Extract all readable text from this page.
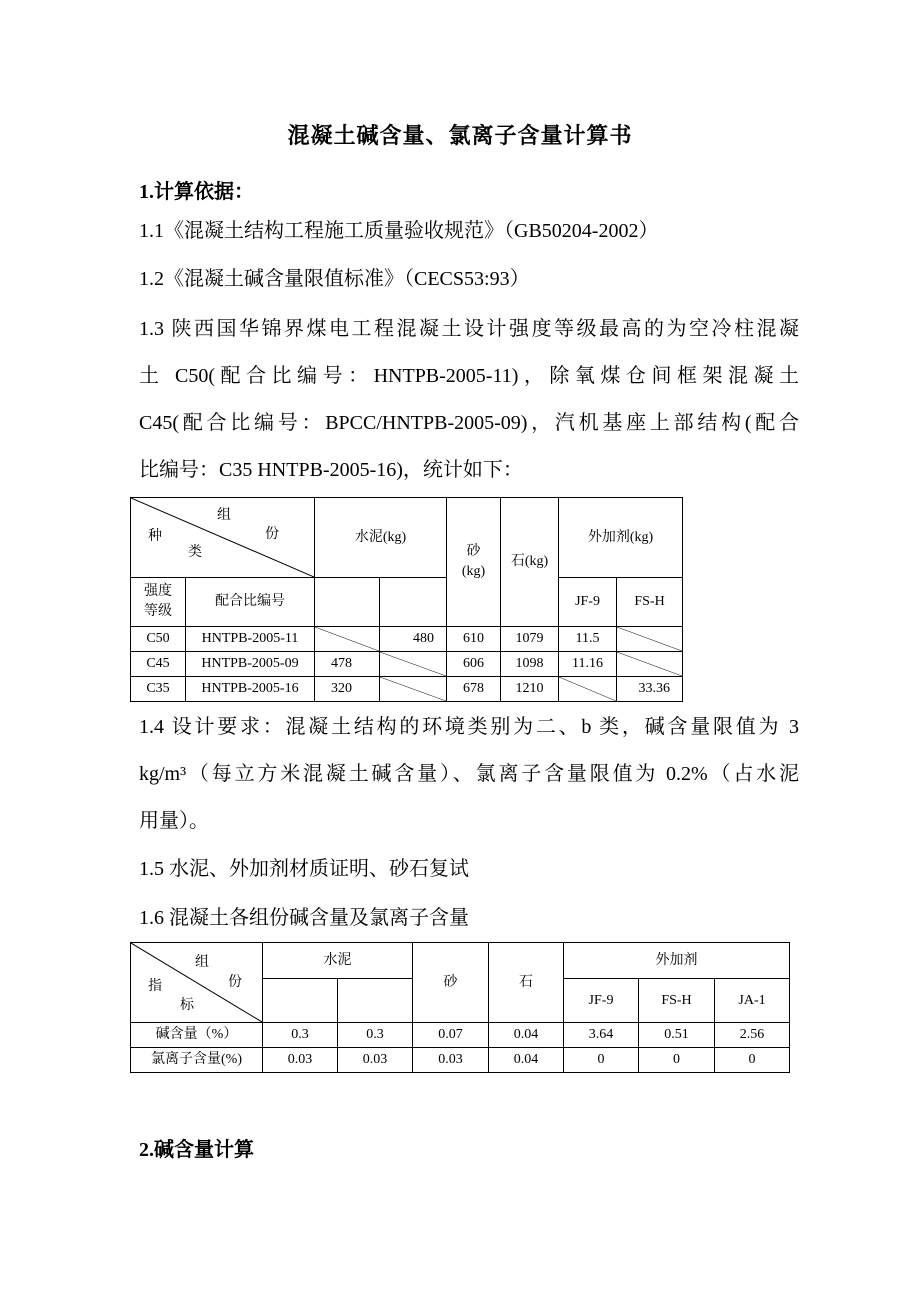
混凝土碱含量、氯离子含量计算书
1.计算依据：
1.1《混凝土结构工程施工质量验收规范》（GB50204-2002）
1.2《混凝土碱含量限值标准》（CECS53:93）
1.3 陕西国华锦界煤电工程混凝土设计强度等级最高的为空冷柱混凝
土 C50(配合比编号：HNTPB-2005-11)，除氧煤仓间框架混凝土
C45(配合比编号：BPCC/HNTPB-2005-09)，汽机基座上部结构(配合
比编号：C35 HNTPB-2005-16)，统计如下：
组
份
种
类		水泥(kg)		砂
(kg)	石(kg)	外加剂(kg)	
强度
等级	配合比编号					JF-9	FS-H
C50	HNTPB-2005-11		480	610	1079	11.5	

C45	HNTPB-2005-09	478		606	1098	11.16	

C35	HNTPB-2005-16	320		678	1210		33.36
1.4 设计要求：混凝土结构的环境类别为二、b 类，碱含量限值为 3
kg/m³（每立方米混凝土碱含量）、氯离子含量限值为 0.2%（占水泥
用量）。
1.5 水泥、外加剂材质证明、砂石复试
1.6 混凝土各组份碱含量及氯离子含量
组
份
指
标	水泥		砂	石	外加剂		
					JF-9	FS-H	JA-1
碱含量（%）	0.3	0.3	0.07	0.04	3.64	0.51	2.56
氯离子含量(%)	0.03	0.03	0.03	0.04	0	0	0
2.碱含量计算
